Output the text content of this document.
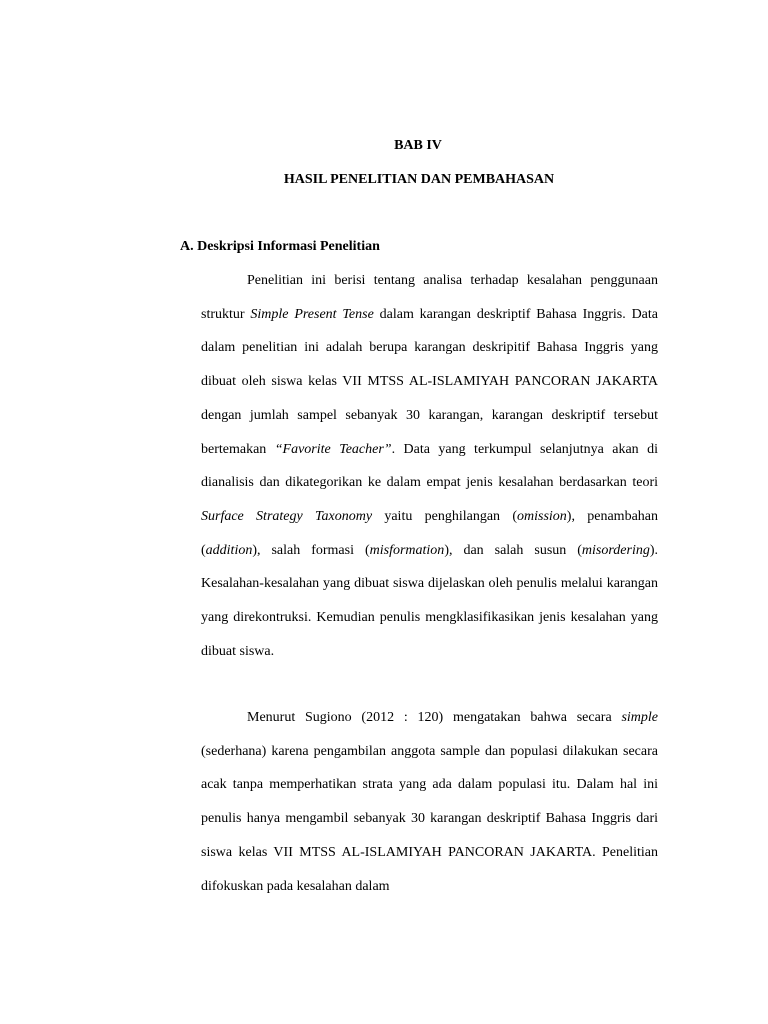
BAB IV
HASIL PENELITIAN DAN PEMBAHASAN
A. Deskripsi Informasi Penelitian

Penelitian ini berisi tentang analisa terhadap kesalahan penggunaan struktur Simple Present Tense dalam karangan deskriptif Bahasa Inggris. Data dalam penelitian ini adalah berupa karangan deskripitif Bahasa Inggris yang dibuat oleh siswa kelas VII MTSS AL-ISLAMIYAH PANCORAN JAKARTA dengan jumlah sampel sebanyak 30 karangan, karangan deskriptif tersebut bertemakan “Favorite Teacher”. Data yang terkumpul selanjutnya akan di dianalisis dan dikategorikan ke dalam empat jenis kesalahan berdasarkan teori Surface Strategy Taxonomy yaitu penghilangan (omission), penambahan (addition), salah formasi (misformation), dan salah susun (misordering). Kesalahan-kesalahan yang dibuat siswa dijelaskan oleh penulis melalui karangan yang direkontruksi. Kemudian penulis mengklasifikasikan jenis kesalahan yang dibuat siswa.

Menurut Sugiono (2012 : 120) mengatakan bahwa secara simple (sederhana) karena pengambilan anggota sample dan populasi dilakukan secara acak tanpa memperhatikan strata yang ada dalam populasi itu. Dalam hal ini penulis hanya mengambil sebanyak 30 karangan deskriptif Bahasa Inggris dari siswa kelas VII MTSS AL-ISLAMIYAH PANCORAN JAKARTA. Penelitian difokuskan pada kesalahan dalam
